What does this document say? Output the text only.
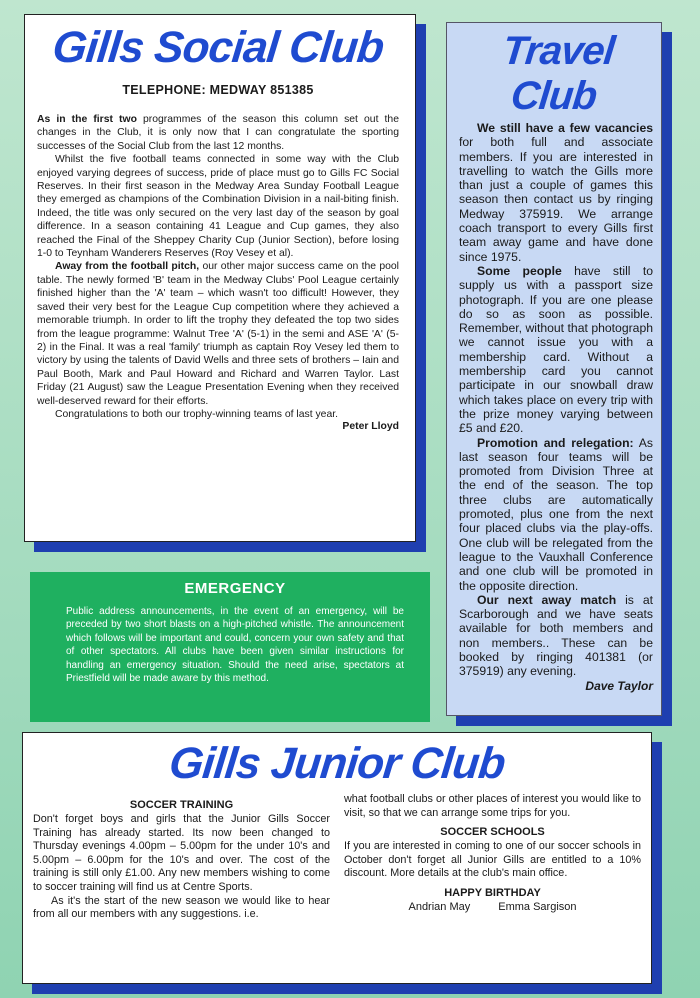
Gills Social Club
TELEPHONE: MEDWAY 851385

As in the first two programmes of the season this column set out the changes in the Club, it is only now that I can congratulate the sporting successes of the Social Club from the last 12 months.

Whilst the five football teams connected in some way with the Club enjoyed varying degrees of success, pride of place must go to Gills FC Social Reserves. In their first season in the Medway Area Sunday Football League they emerged as champions of the Combination Division in a nail-biting finish. Indeed, the title was only secured on the very last day of the season by goal difference. In a season containing 41 League and Cup games, they also reached the Final of the Sheppey Charity Cup (Junior Section), before losing 1-0 to Teynham Wanderers Reserves (Roy Vesey et al).

Away from the football pitch, our other major success came on the pool table. The newly formed 'B' team in the Medway Clubs' Pool League certainly finished higher than the 'A' team – which wasn't too difficult! However, they saved their very best for the League Cup competition where they achieved a memorable triumph. In order to lift the trophy they defeated the top two sides from the league programme: Walnut Tree 'A' (5-1) in the semi and ASE 'A' (5-2) in the Final. It was a real 'family' triumph as captain Roy Vesey led them to victory by using the talents of David Wells and three sets of brothers – Iain and Paul Booth, Mark and Paul Howard and Richard and Warren Taylor. Last Friday (21 August) saw the League Presentation Evening when they received well-deserved reward for their efforts.

Congratulations to both our trophy-winning teams of last year.

Peter Lloyd
EMERGENCY

Public address announcements, in the event of an emergency, will be preceded by two short blasts on a high-pitched whistle. The announcement which follows will be important and could, concern your own safety and that of other spectators. All clubs have been given similar instructions for handling an emergency situation. Should the need arise, spectators at Priestfield will be made aware by this method.

Travel Club

We still have a few vacancies for both full and associate members. If you are interested in travelling to watch the Gills more than just a couple of games this season then contact us by ringing Medway 375919. We arrange coach transport to every Gills first team away game and have done since 1975.

Some people have still to supply us with a passport size photograph. If you are one please do so as soon as possible. Remember, without that photograph we cannot issue you with a membership card. Without a membership card you cannot participate in our snowball draw which takes place on every trip with the prize money varying between £5 and £20.

Promotion and relegation: As last season four teams will be promoted from Division Three at the end of the season. The top three clubs are automatically promoted, plus one from the next four placed clubs via the play-offs. One club will be relegated from the league to the Vauxhall Conference and one club will be promoted in the opposite direction.

Our next away match is at Scarborough and we have seats available for both members and non members.. These can be booked by ringing 401381 (or 375919) any evening.

Dave Taylor
Gills Junior Club
SOCCER TRAINING

Don't forget boys and girls that the Junior Gills Soccer Training has already started. Its now been changed to Thursday evenings 4.00pm – 5.00pm for the under 10's and 5.00pm – 6.00pm for the 10's and over. The cost of the training is still only £1.00. Any new members wishing to come to soccer training will find us at Centre Sports.

As it's the start of the new season we would like to hear from all our members with any suggestions. i.e.

what football clubs or other places of interest you would like to visit, so that we can arrange some trips for you.

SOCCER SCHOOLS

If you are interested in coming to one of our soccer schools in October don't forget all Junior Gills are entitled to a 10% discount. More details at the club's main office.

HAPPY BIRTHDAY
Andrian May	Emma Sargison
